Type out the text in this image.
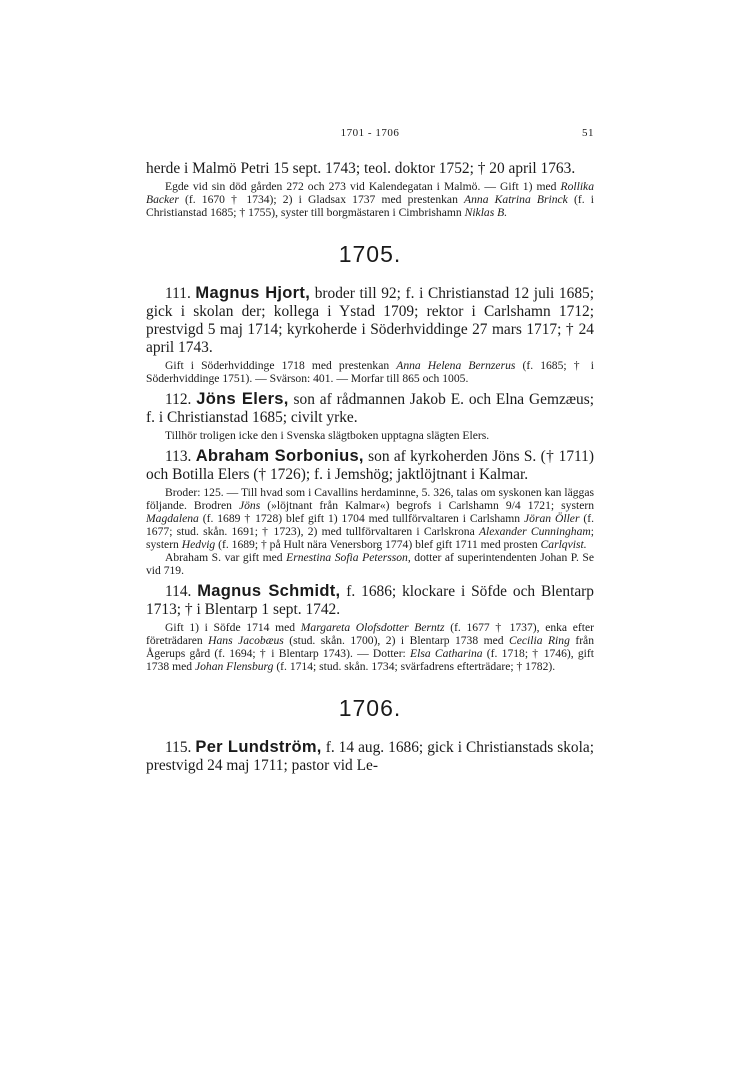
1701 - 1706	51

herde i Malmö Petri 15 sept. 1743; teol. doktor 1752; † 20 april 1763.

Egde vid sin död gården 272 och 273 vid Kalendegatan i Malmö. — Gift 1) med Rollika Backer (f. 1670 † 1734); 2) i Gladsax 1737 med prestenkan Anna Katrina Brinck (f. i Christianstad 1685; † 1755), syster till borgmästaren i Cimbrishamn Niklas B.

1705.

111. Magnus Hjort, broder till 92; f. i Christianstad 12 juli 1685; gick i skolan der; kollega i Ystad 1709; rektor i Carlshamn 1712; prestvigd 5 maj 1714; kyrkoherde i Söderhviddinge 27 mars 1717; † 24 april 1743.

Gift i Söderhviddinge 1718 med prestenkan Anna Helena Bernzerus (f. 1685; † i Söderhviddinge 1751). — Svärson: 401. — Morfar till 865 och 1005.

112. Jöns Elers, son af rådmannen Jakob E. och Elna Gemzæus; f. i Christianstad 1685; civilt yrke.

Tillhör troligen icke den i Svenska slägtboken upptagna slägten Elers.

113. Abraham Sorbonius, son af kyrkoherden Jöns S. († 1711) och Botilla Elers († 1726); f. i Jemshög; jaktlöjtnant i Kalmar.

Broder: 125. — Till hvad som i Cavallins herdaminne, 5. 326, talas om syskonen kan läggas följande. Brodren Jöns (»löjtnant från Kalmar«) begrofs i Carlshamn 9/4 1721; systern Magdalena (f. 1689 † 1728) blef gift 1) 1704 med tullförvaltaren i Carlshamn Jöran Öller (f. 1677; stud. skån. 1691; † 1723), 2) med tullförvaltaren i Carlskrona Alexander Cunningham; systern Hedvig (f. 1689; † på Hult nära Venersborg 1774) blef gift 1711 med prosten Carlqvist.

Abraham S. var gift med Ernestina Sofia Petersson, dotter af superintendenten Johan P. Se vid 719.

114. Magnus Schmidt, f. 1686; klockare i Söfde och Blentarp 1713; † i Blentarp 1 sept. 1742.

Gift 1) i Söfde 1714 med Margareta Olofsdotter Berntz (f. 1677 † 1737), enka efter företrädaren Hans Jacobæus (stud. skån. 1700), 2) i Blentarp 1738 med Cecilia Ring från Ågerups gård (f. 1694; † i Blentarp 1743). — Dotter: Elsa Catharina (f. 1718; † 1746), gift 1738 med Johan Flensburg (f. 1714; stud. skån. 1734; svärfadrens efterträdare; † 1782).

1706.

115. Per Lundström, f. 14 aug. 1686; gick i Christianstads skola; prestvigd 24 maj 1711; pastor vid Le-
